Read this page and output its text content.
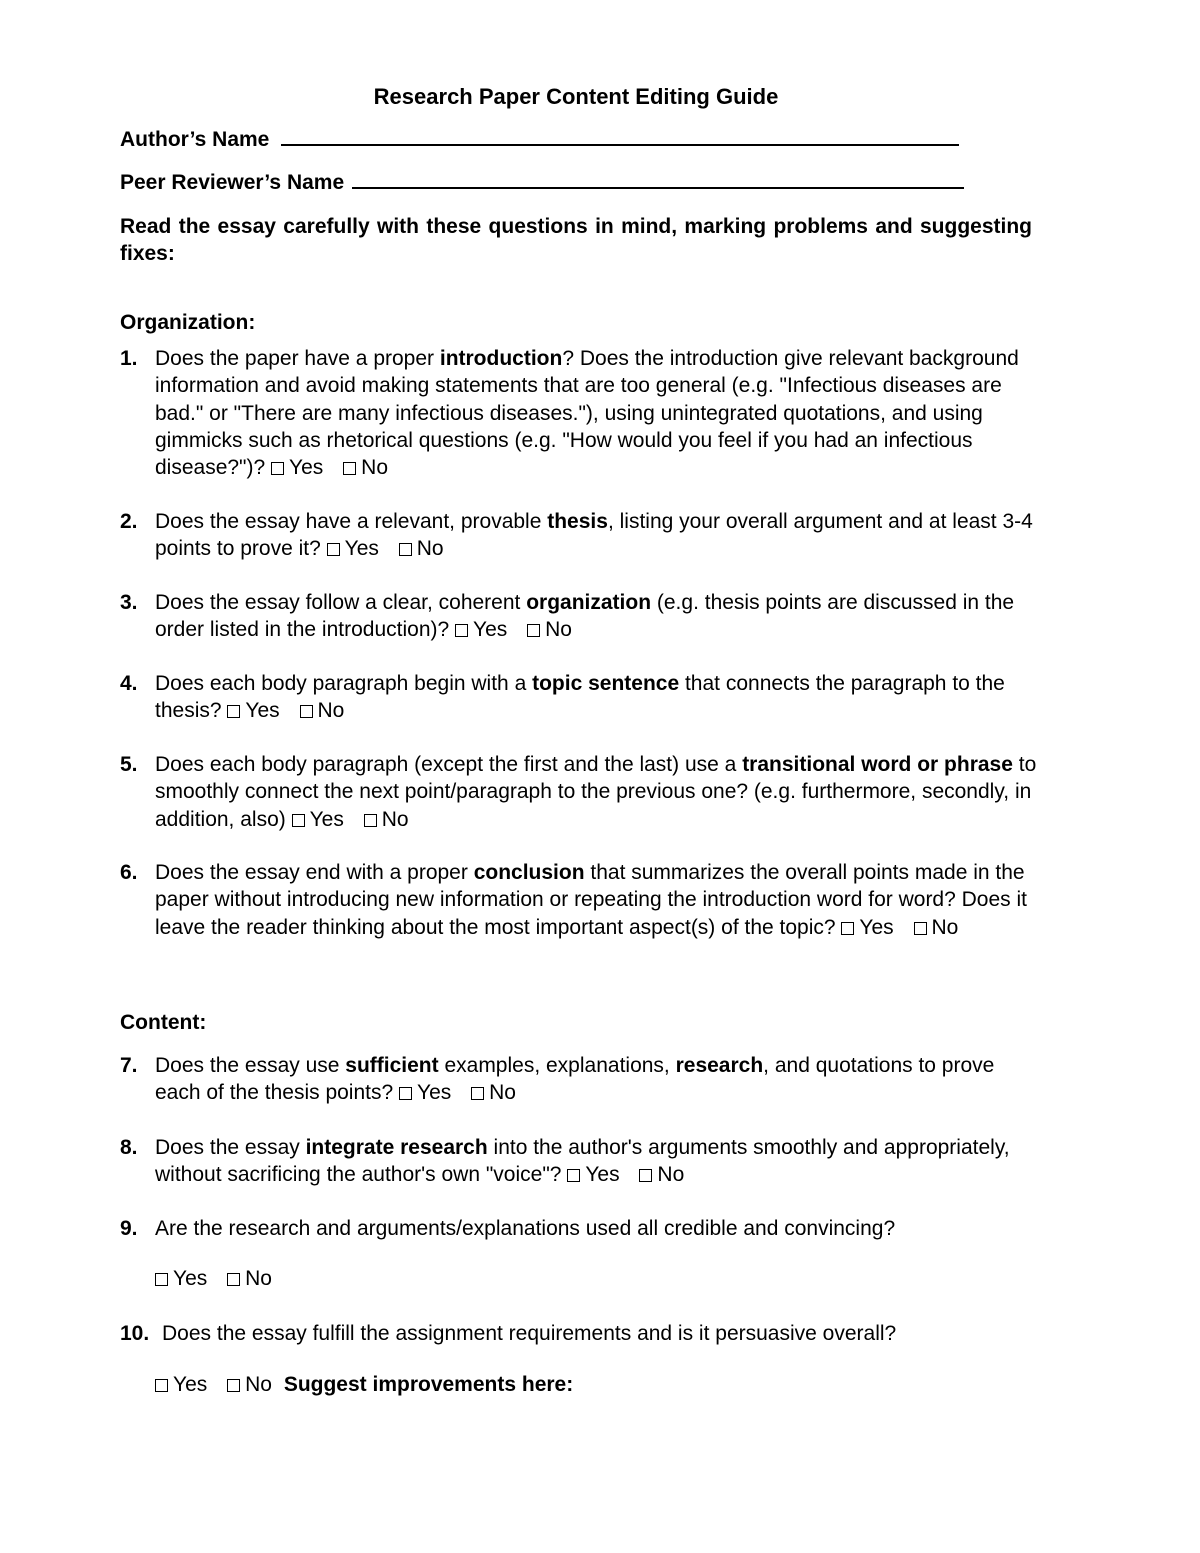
Research Paper Content Editing Guide
Author’s Name
Peer Reviewer’s Name
Read the essay carefully with these questions in mind, marking problems and suggesting fixes:
Organization:
1. Does the paper have a proper introduction? Does the introduction give relevant background information and avoid making statements that are too general (e.g. "Infectious diseases are bad." or "There are many infectious diseases."), using unintegrated quotations, and using gimmicks such as rhetorical questions (e.g. "How would you feel if you had an infectious disease?")? Yes No
2. Does the essay have a relevant, provable thesis, listing your overall argument and at least 3-4 points to prove it? Yes No
3. Does the essay follow a clear, coherent organization (e.g. thesis points are discussed in the order listed in the introduction)? Yes No
4. Does each body paragraph begin with a topic sentence that connects the paragraph to the thesis? Yes No
5. Does each body paragraph (except the first and the last) use a transitional word or phrase to smoothly connect the next point/paragraph to the previous one? (e.g. furthermore, secondly, in addition, also) Yes No
6. Does the essay end with a proper conclusion that summarizes the overall points made in the paper without introducing new information or repeating the introduction word for word? Does it leave the reader thinking about the most important aspect(s) of the topic? Yes No
Content:
7. Does the essay use sufficient examples, explanations, research, and quotations to prove each of the thesis points? Yes No
8. Does the essay integrate research into the author's arguments smoothly and appropriately, without sacrificing the author's own "voice"? Yes No
9. Are the research and arguments/explanations used all credible and convincing?
Yes No
10. Does the essay fulfill the assignment requirements and is it persuasive overall?
Yes No Suggest improvements here:
